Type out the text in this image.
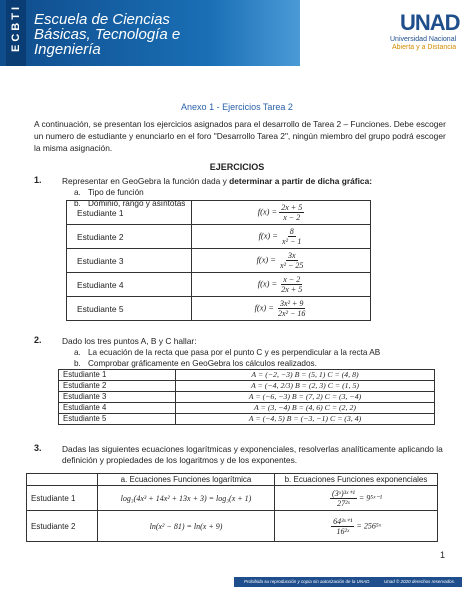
ECBTI Escuela de Ciencias
Básicas, Tecnología e
Ingeniería
UNAD
Universidad Nacional
Abierta y a Distancia
Anexo 1 - Ejercicios Tarea 2
A continuación, se presentan los ejercicios asignados para el desarrollo de Tarea 2 – Funciones. Debe escoger un numero de estudiante y enunciarlo en el foro "Desarrollo Tarea 2", ningún miembro del grupo podrá escoger la misma asignación.
EJERCICIOS
1. Representar en GeoGebra la función dada y determinar a partir de dicha gráfica:
a. Tipo de función
b. Dominio, rango y asíntotas
Estudiante 1	$f(x) = \frac{2x + 5}{x - 2}$

Estudiante 2	$f(x) = \frac{8}{\text{x² − 1}}$

Estudiante 3	$f(x) = \frac{3x}{\text{x² − 25}}$

Estudiante 4	$f(x) = \frac{x - 2}{2x + 5}$

Estudiante 5	$f(x) = \frac{\text{3x² + 9}}{\text{2x² − 16}}$
2. Dado los tres puntos A, B y C hallar:
a. La ecuación de la recta que pasa por el punto C y es perpendicular a la recta AB
b. Comprobar gráficamente en GeoGebra los cálculos realizados.
Estudiante 1	A = (−2, −3) B = (5, 1) C = (4, 8)
Estudiante 2	A = (−4, 2/3) B = (2, 3) C = (1, 5)
Estudiante 3	A = (−6, −3) B = (7, 2) C = (3, −4)
Estudiante 4	A = (3, −4) B = (4, 6) C = (2, 2)
Estudiante 5	A = (−4, 5) B = (−3, −1) C = (3, 4)
3. Dadas las siguientes ecuaciones logarítmicas y exponenciales, resolverlas analíticamente aplicando la definición y propiedades de los logaritmos y de los exponentes.
	a. Ecuaciones Funciones logarítmica	b. Ecuaciones Funciones exponenciales
Estudiante 1	log₃(4x³ + 14x² + 13x + 3) = log₃(x + 1)	$\frac{\text{(3ˣ)³ˣ⁺¹}}{\text{27²ˣ}}$ = 9⁵ˣ⁻¹
Estudiante 2	ln(x² − 81) = ln(x + 9)	$\frac{\text{64³ˣ⁺¹}}{\text{16²ˣ}}$ = 256⁵ˣ
1
Prohibida su reproducción y copia sin autorización de la UNAD	Unad © 2020 derechos reservados.
